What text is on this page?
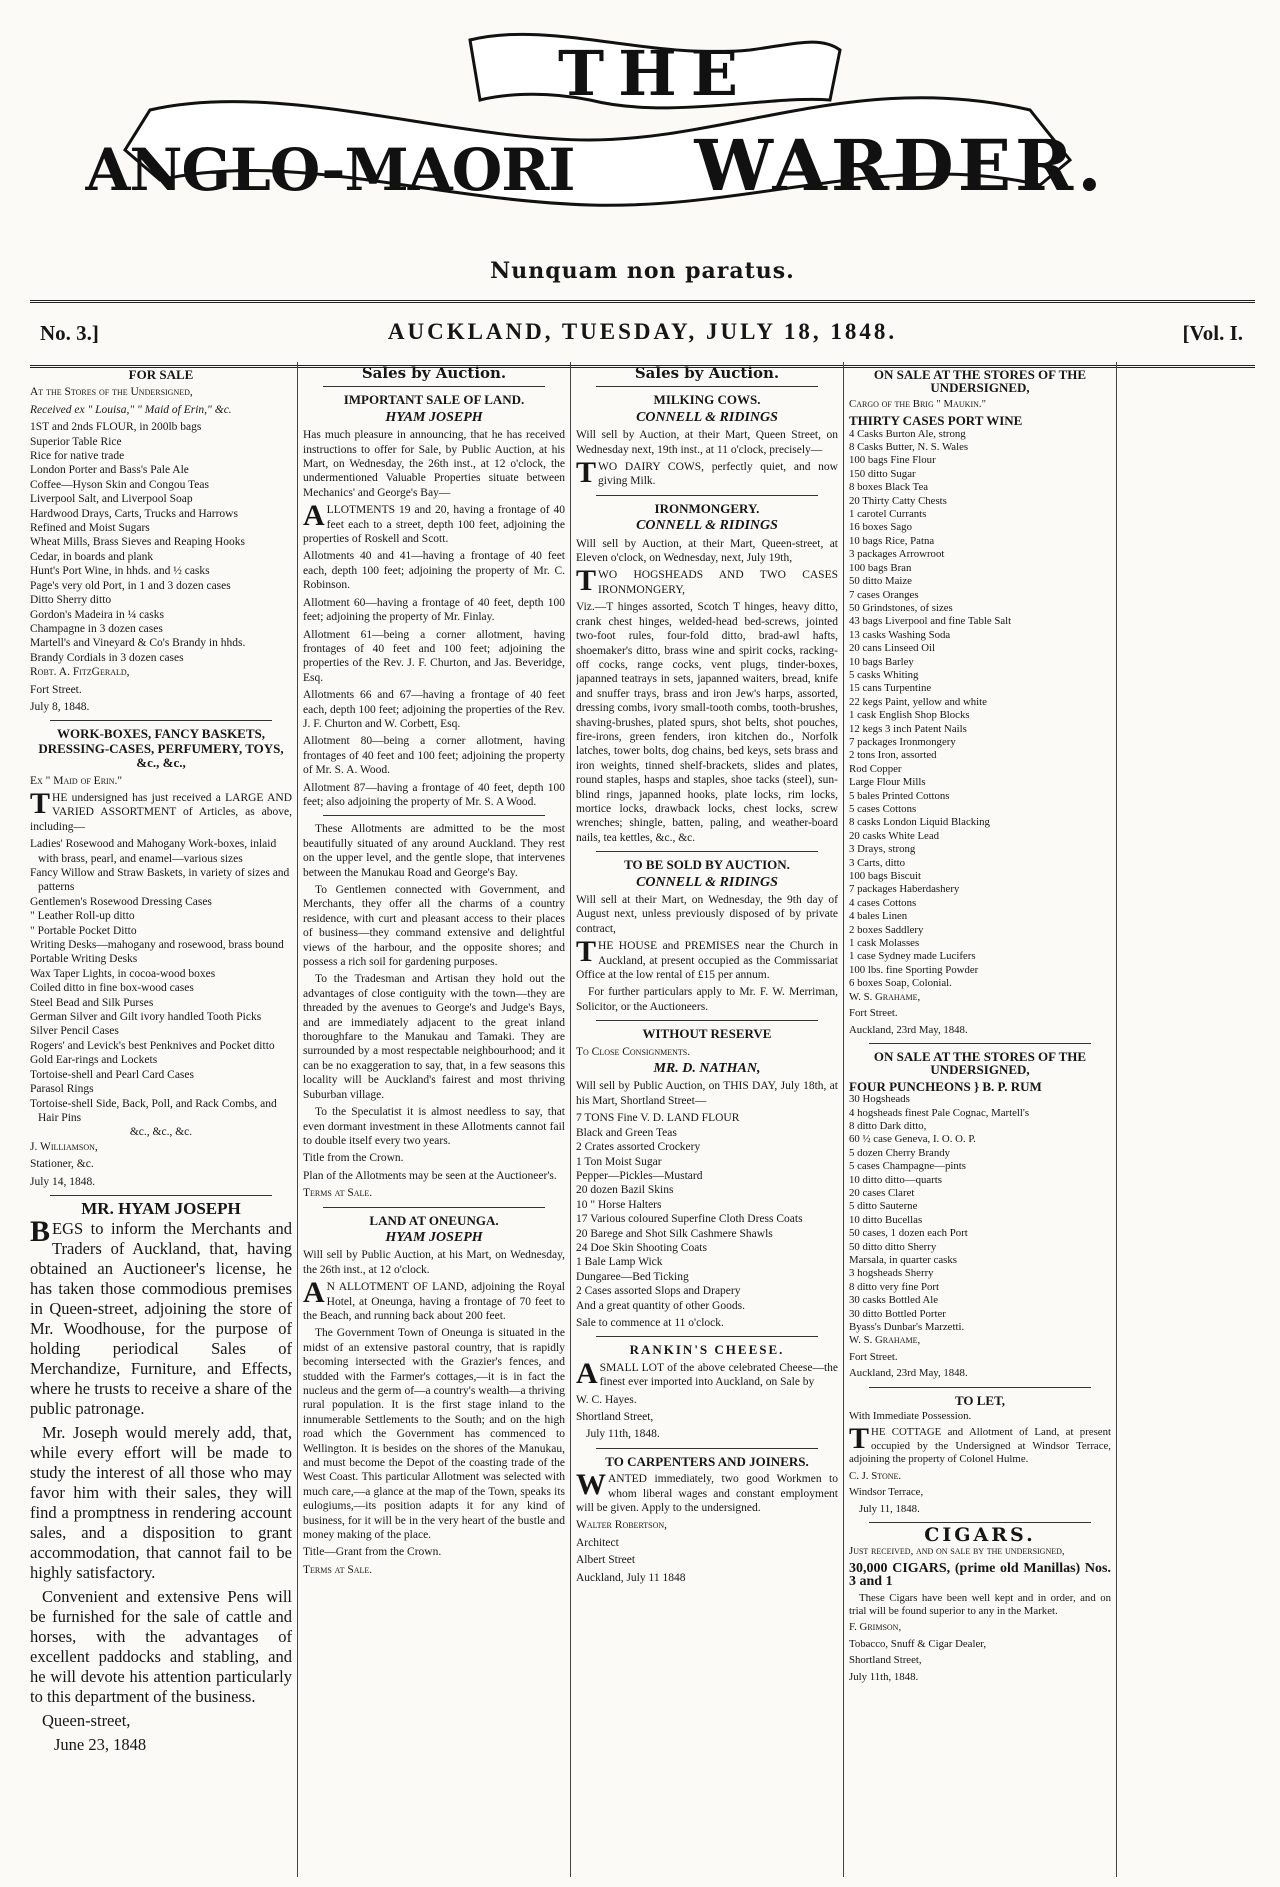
THE
ANGLO-MAORI WARDER.
Nunquam non paratus.
No. 3.]	AUCKLAND, TUESDAY, JULY 18, 1848.	[Vol. I.
FOR SALE

At the Stores of the Undersigned,

Received ex " Louisa," " Maid of Erin," &c.

1ST and 2nds FLOUR, in 200lb bags
Superior Table Rice
Rice for native trade
London Porter and Bass's Pale Ale
Coffee—Hyson Skin and Congou Teas
Liverpool Salt, and Liverpool Soap
Hardwood Drays, Carts, Trucks and Harrows
Refined and Moist Sugars
Wheat Mills, Brass Sieves and Reaping Hooks
Cedar, in boards and plank
Hunt's Port Wine, in hhds. and ½ casks
Page's very old Port, in 1 and 3 dozen cases
Ditto Sherry ditto
Gordon's Madeira in ¼ casks
Champagne in 3 dozen cases
Martell's and Vineyard & Co's Brandy in hhds.
Brandy Cordials in 3 dozen cases

Robt. A. FitzGerald,

Fort Street.

July 8, 1848.

WORK-BOXES, FANCY BASKETS, DRESSING-CASES, PERFUMERY, TOYS, &c., &c.,

Ex " Maid of Erin."

THE undersigned has just received a LARGE AND VARIED ASSORTMENT of Articles, as above, including—

Ladies' Rosewood and Mahogany Work-boxes, inlaid with brass, pearl, and enamel—various sizes
Fancy Willow and Straw Baskets, in variety of sizes and patterns
Gentlemen's Rosewood Dressing Cases
" Leather Roll-up ditto
" Portable Pocket Ditto
Writing Desks—mahogany and rosewood, brass bound
Portable Writing Desks
Wax Taper Lights, in cocoa-wood boxes
Coiled ditto in fine box-wood cases
Steel Bead and Silk Purses
German Silver and Gilt ivory handled Tooth Picks
Silver Pencil Cases
Rogers' and Levick's best Penknives and Pocket ditto
Gold Ear-rings and Lockets
Tortoise-shell and Pearl Card Cases
Parasol Rings
Tortoise-shell Side, Back, Poll, and Rack Combs, and Hair Pins
&c., &c., &c.

J. Williamson,

Stationer, &c.

July 14, 1848.

MR. HYAM JOSEPH

BEGS to inform the Merchants and Traders of Auckland, that, having obtained an Auctioneer's license, he has taken those commodious premises in Queen-street, adjoining the store of Mr. Woodhouse, for the purpose of holding periodical Sales of Merchandize, Furniture, and Effects, where he trusts to receive a share of the public patronage.

Mr. Joseph would merely add, that, while every effort will be made to study the interest of all those who may favor him with their sales, they will find a promptness in rendering account sales, and a disposition to grant accommodation, that cannot fail to be highly satisfactory.

Convenient and extensive Pens will be furnished for the sale of cattle and horses, with the advantages of excellent paddocks and stabling, and he will devote his attention particularly to this department of the business.

Queen-street,

June 23, 1848

Sales by Auction.
IMPORTANT SALE OF LAND.
HYAM JOSEPH

Has much pleasure in announcing, that he has received instructions to offer for Sale, by Public Auction, at his Mart, on Wednesday, the 26th inst., at 12 o'clock, the undermentioned Valuable Properties situate between Mechanics' and George's Bay—

ALLOTMENTS 19 and 20, having a frontage of 40 feet each to a street, depth 100 feet, adjoining the properties of Roskell and Scott.

Allotments 40 and 41—having a frontage of 40 feet each, depth 100 feet; adjoining the property of Mr. C. Robinson.

Allotment 60—having a frontage of 40 feet, depth 100 feet; adjoining the property of Mr. Finlay.

Allotment 61—being a corner allotment, having frontages of 40 feet and 100 feet; adjoining the properties of the Rev. J. F. Churton, and Jas. Beveridge, Esq.

Allotments 66 and 67—having a frontage of 40 feet each, depth 100 feet; adjoining the properties of the Rev. J. F. Churton and W. Corbett, Esq.

Allotment 80—being a corner allotment, having frontages of 40 feet and 100 feet; adjoining the property of Mr. S. A. Wood.

Allotment 87—having a frontage of 40 feet, depth 100 feet; also adjoining the property of Mr. S. A Wood.

These Allotments are admitted to be the most beautifully situated of any around Auckland. They rest on the upper level, and the gentle slope, that intervenes between the Manukau Road and George's Bay.

To Gentlemen connected with Government, and Merchants, they offer all the charms of a country residence, with curt and pleasant access to their places of business—they command extensive and delightful views of the harbour, and the opposite shores; and possess a rich soil for gardening purposes.

To the Tradesman and Artisan they hold out the advantages of close contiguity with the town—they are threaded by the avenues to George's and Judge's Bays, and are immediately adjacent to the great inland thoroughfare to the Manukau and Tamaki. They are surrounded by a most respectable neighbourhood; and it can be no exaggeration to say, that, in a few seasons this locality will be Auckland's fairest and most thriving Suburban village.

To the Speculatist it is almost needless to say, that even dormant investment in these Allotments cannot fail to double itself every two years.

Title from the Crown.

Plan of the Allotments may be seen at the Auctioneer's.

Terms at Sale.

LAND AT ONEUNGA.
HYAM JOSEPH

Will sell by Public Auction, at his Mart, on Wednesday, the 26th inst., at 12 o'clock.

AN ALLOTMENT OF LAND, adjoining the Royal Hotel, at Oneunga, having a frontage of 70 feet to the Beach, and running back about 200 feet.

The Government Town of Oneunga is situated in the midst of an extensive pastoral country, that is rapidly becoming intersected with the Grazier's fences, and studded with the Farmer's cottages,—it is in fact the nucleus and the germ of—a country's wealth—a thriving rural population. It is the first stage inland to the innumerable Settlements to the South; and on the high road which the Government has commenced to Wellington. It is besides on the shores of the Manukau, and must become the Depot of the coasting trade of the West Coast. This particular Allotment was selected with much care,—a glance at the map of the Town, speaks its eulogiums,—its position adapts it for any kind of business, for it will be in the very heart of the bustle and money making of the place.

Title—Grant from the Crown.

Terms at Sale.

Sales by Auction.
MILKING COWS.
CONNELL & RIDINGS

Will sell by Auction, at their Mart, Queen Street, on Wednesday next, 19th inst., at 11 o'clock, precisely—

TWO DAIRY COWS, perfectly quiet, and now giving Milk.

IRONMONGERY.
CONNELL & RIDINGS

Will sell by Auction, at their Mart, Queen-street, at Eleven o'clock, on Wednesday, next, July 19th,

TWO HOGSHEADS AND TWO CASES IRONMONGERY,

Viz.—T hinges assorted, Scotch T hinges, heavy ditto, crank chest hinges, welded-head bed-screws, jointed two-foot rules, four-fold ditto, brad-awl hafts, shoemaker's ditto, brass wine and spirit cocks, racking-off cocks, range cocks, vent plugs, tinder-boxes, japanned teatrays in sets, japanned waiters, bread, knife and snuffer trays, brass and iron Jew's harps, assorted, dressing combs, ivory small-tooth combs, tooth-brushes, shaving-brushes, plated spurs, shot belts, shot pouches, fire-irons, green fenders, iron kitchen do., Norfolk latches, tower bolts, dog chains, bed keys, sets brass and iron weights, tinned shelf-brackets, slides and plates, round staples, hasps and staples, shoe tacks (steel), sun-blind rings, japanned hooks, plate locks, rim locks, mortice locks, drawback locks, chest locks, screw wrenches; shingle, batten, paling, and weather-board nails, tea kettles, &c., &c.

TO BE SOLD BY AUCTION.
CONNELL & RIDINGS

Will sell at their Mart, on Wednesday, the 9th day of August next, unless previously disposed of by private contract,

THE HOUSE and PREMISES near the Church in Auckland, at present occupied as the Commissariat Office at the low rental of £15 per annum.

For further particulars apply to Mr. F. W. Merriman, Solicitor, or the Auctioneers.

WITHOUT RESERVE

To Close Consignments.

MR. D. NATHAN,

Will sell by Public Auction, on THIS DAY, July 18th, at his Mart, Shortland Street—

7 TONS Fine V. D. LAND FLOUR
Black and Green Teas
2 Crates assorted Crockery
1 Ton Moist Sugar
Pepper—Pickles—Mustard
20 dozen Bazil Skins
10 " Horse Halters
17 Various coloured Superfine Cloth Dress Coats
20 Barege and Shot Silk Cashmere Shawls
24 Doe Skin Shooting Coats
1 Bale Lamp Wick
Dungaree—Bed Ticking
2 Cases assorted Slops and Drapery

And a great quantity of other Goods.

Sale to commence at 11 o'clock.

RANKIN'S CHEESE.

ASMALL LOT of the above celebrated Cheese—the finest ever imported into Auckland, on Sale by

W. C. Hayes.

Shortland Street,

July 11th, 1848.

TO CARPENTERS AND JOINERS.

WANTED immediately, two good Workmen to whom liberal wages and constant employment will be given. Apply to the undersigned.

Walter Robertson,

Architect

Albert Street

Auckland, July 11 1848

ON SALE AT THE STORES OF THE UNDERSIGNED,

Cargo of the Brig " Maukin."

THIRTY CASES PORT WINE
4 Casks Burton Ale, strong
8 Casks Butter, N. S. Wales
100 bags Fine Flour
150 ditto Sugar
8 boxes Black Tea
20 Thirty Catty Chests
1 carotel Currants
16 boxes Sago
10 bags Rice, Patna
3 packages Arrowroot
100 bags Bran
50 ditto Maize
7 cases Oranges
50 Grindstones, of sizes
43 bags Liverpool and fine Table Salt
13 casks Washing Soda
20 cans Linseed Oil
10 bags Barley
5 casks Whiting
15 cans Turpentine
22 kegs Paint, yellow and white
1 cask English Shop Blocks
12 kegs 3 inch Patent Nails
7 packages Ironmongery
2 tons Iron, assorted
Rod Copper
Large Flour Mills
5 bales Printed Cottons
5 cases Cottons
8 casks London Liquid Blacking
20 casks White Lead
3 Drays, strong
3 Carts, ditto
100 bags Biscuit
7 packages Haberdashery
4 cases Cottons
4 bales Linen
2 boxes Saddlery
1 cask Molasses
1 case Sydney made Lucifers
100 lbs. fine Sporting Powder
6 boxes Soap, Colonial.

W. S. Grahame,

Fort Street.

Auckland, 23rd May, 1848.

ON SALE AT THE STORES OF THE UNDERSIGNED,
FOUR PUNCHEONS } B. P. RUM
30 Hogsheads
4 hogsheads finest Pale Cognac, Martell's
8 ditto Dark ditto,
60 ½ case Geneva, I. O. O. P.
5 dozen Cherry Brandy
5 cases Champagne—pints
10 ditto ditto—quarts
20 cases Claret
5 ditto Sauterne
10 ditto Bucellas
50 cases, 1 dozen each Port
50 ditto ditto Sherry
Marsala, in quarter casks
3 hogsheads Sherry
8 ditto very fine Port
30 casks Bottled Ale
30 ditto Bottled Porter
Byass's Dunbar's Marzetti.

W. S. Grahame,

Fort Street.

Auckland, 23rd May, 1848.

TO LET,

With Immediate Possession.

THE COTTAGE and Allotment of Land, at present occupied by the Undersigned at Windsor Terrace, adjoining the property of Colonel Hulme.

C. J. Stone.

Windsor Terrace,

July 11, 1848.

CIGARS.

Just received, and on sale by the undersigned,

30,000 CIGARS, (prime old Manillas) Nos. 3 and 1

These Cigars have been well kept and in order, and on trial will be found superior to any in the Market.

F. Grimson,

Tobacco, Snuff & Cigar Dealer,

Shortland Street,

July 11th, 1848.
